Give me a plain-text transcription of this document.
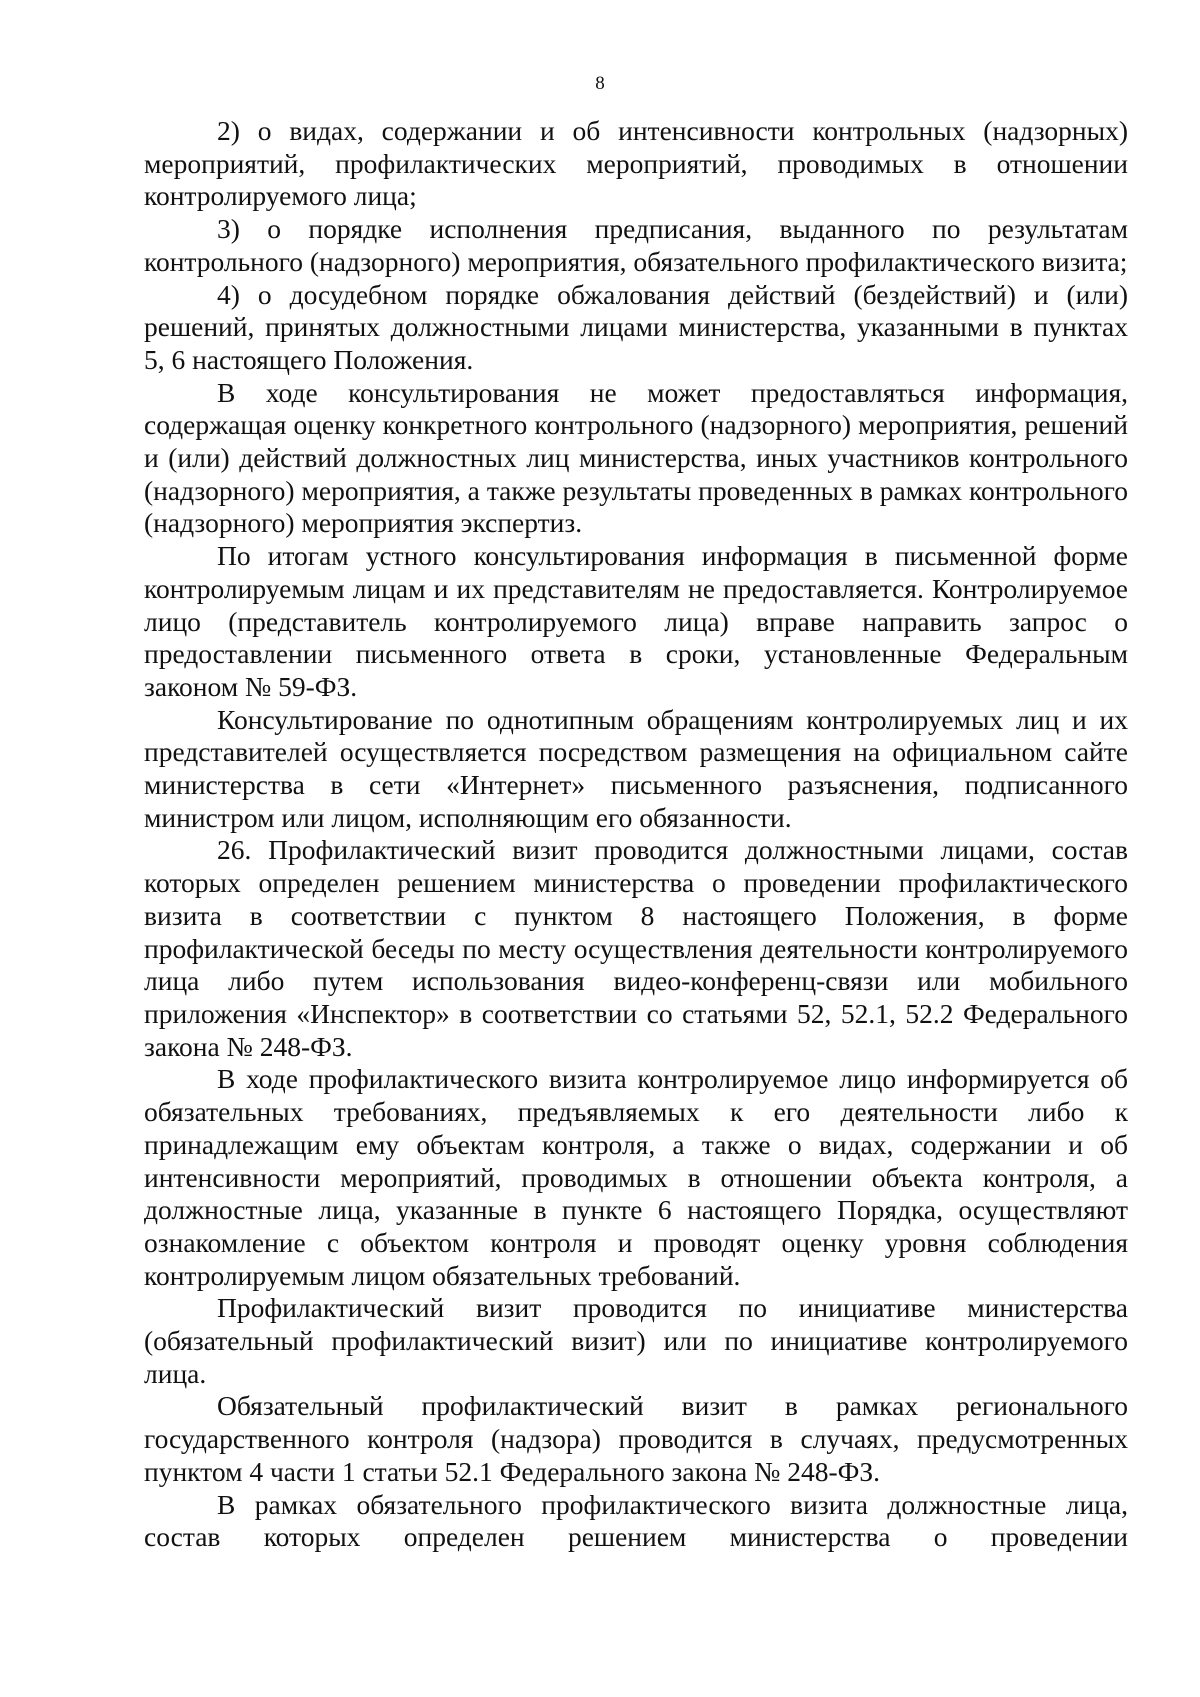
8

2) о видах, содержании и об интенсивности контрольных (надзорных) мероприятий, профилактических мероприятий, проводимых в отношении контролируемого лица;

3) о порядке исполнения предписания, выданного по результатам контрольного (надзорного) мероприятия, обязательного профилактического визита;

4) о досудебном порядке обжалования действий (бездействий) и (или) решений, принятых должностными лицами министерства, указанными в пунктах 5, 6 настоящего Положения.

В ходе консультирования не может предоставляться информация, содержащая оценку конкретного контрольного (надзорного) мероприятия, решений и (или) действий должностных лиц министерства, иных участников контрольного (надзорного) мероприятия, а также результаты проведенных в рамках контрольного (надзорного) мероприятия экспертиз.

По итогам устного консультирования информация в письменной форме контролируемым лицам и их представителям не предоставляется. Контролируемое лицо (представитель контролируемого лица) вправе направить запрос о предоставлении письменного ответа в сроки, установленные Федеральным законом № 59-ФЗ.

Консультирование по однотипным обращениям контролируемых лиц и их представителей осуществляется посредством размещения на официальном сайте министерства в сети «Интернет» письменного разъяснения, подписанного министром или лицом, исполняющим его обязанности.

26. Профилактический визит проводится должностными лицами, состав которых определен решением министерства о проведении профилактического визита в соответствии с пунктом 8 настоящего Положения, в форме профилактической беседы по месту осуществления деятельности контролируемого лица либо путем использования видео-конференц-связи или мобильного приложения «Инспектор» в соответствии со статьями 52, 52.1, 52.2 Федерального закона № 248-ФЗ.

В ходе профилактического визита контролируемое лицо информируется об обязательных требованиях, предъявляемых к его деятельности либо к принадлежащим ему объектам контроля, а также о видах, содержании и об интенсивности мероприятий, проводимых в отношении объекта контроля, а должностные лица, указанные в пункте 6 настоящего Порядка, осуществляют ознакомление с объектом контроля и проводят оценку уровня соблюдения контролируемым лицом обязательных требований.

Профилактический визит проводится по инициативе министерства (обязательный профилактический визит) или по инициативе контролируемого лица.

Обязательный профилактический визит в рамках регионального государственного контроля (надзора) проводится в случаях, предусмотренных пунктом 4 части 1 статьи 52.1 Федерального закона № 248-ФЗ.

В рамках обязательного профилактического визита должностные лица, состав которых определен решением министерства о проведении
